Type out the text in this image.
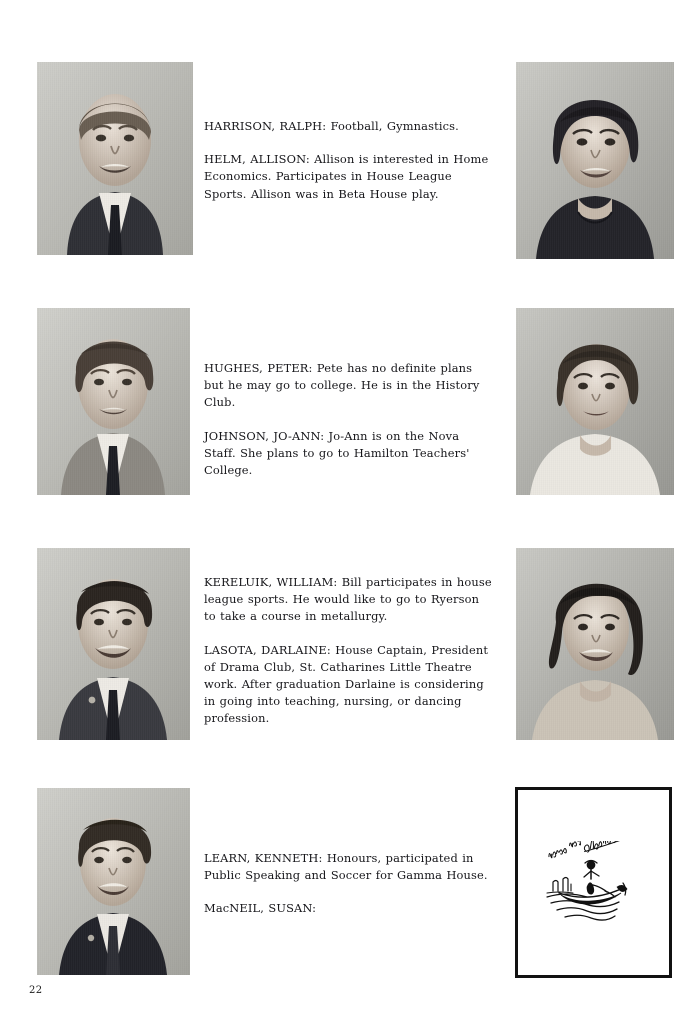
HARRISON, RALPH: Football, Gymnastics.

HELM, ALLISON: Allison is interested in Home Economics. Participates in House League Sports. Allison was in Beta House play.

HUGHES, PETER: Pete has no definite plans but he may go to college. He is in the History Club.

JOHNSON, JO-ANN: Jo-Ann is on the Nova Staff. She plans to go to Hamilton Teachers' College.

KERELUIK, WILLIAM: Bill participates in house league sports. He would like to go to Ryerson to take a course in metallurgy.

LASOTA, DARLAINE: House Captain, President of Drama Club, St. Catharines Little Theatre work. After graduation Darlaine is considering in going into teaching, nursing, or dancing profession.

LEARN, KENNETH: Honours, participated in Public Speaking and Soccer for Gamma House.

MacNEIL, SUSAN:

22
